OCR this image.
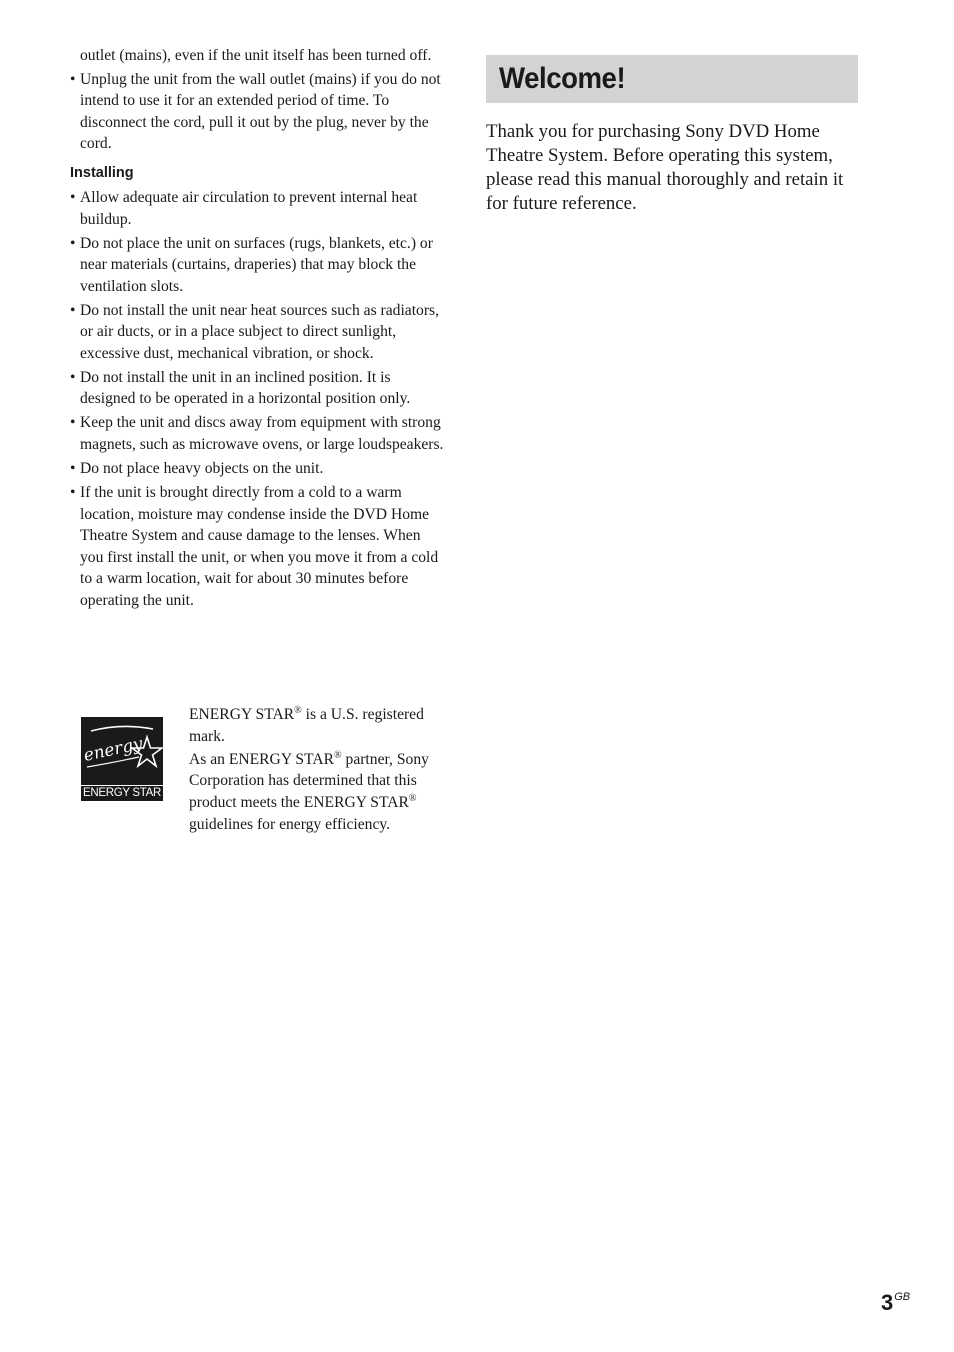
outlet (mains), even if the unit itself has been turned off.

• Unplug the unit from the wall outlet (mains) if you do not intend to use it for an extended period of time. To disconnect the cord, pull it out by the plug, never by the cord.
Installing
• Allow adequate air circulation to prevent internal heat buildup.
• Do not place the unit on surfaces (rugs, blankets, etc.) or near materials (curtains, draperies) that may block the ventilation slots.
• Do not install the unit near heat sources such as radiators, or air ducts, or in a place subject to direct sunlight, excessive dust, mechanical vibration, or shock.
• Do not install the unit in an inclined position. It is designed to be operated in a horizontal position only.
• Keep the unit and discs away from equipment with strong magnets, such as microwave ovens, or large loudspeakers.
• Do not place heavy objects on the unit.
• If the unit is brought directly from a cold to a warm location, moisture may condense inside the DVD Home Theatre System and cause damage to the lenses. When you first install the unit, or when you move it from a cold to a warm location, wait for about 30 minutes before operating the unit.
energy
ENERGY STAR

ENERGY STAR® is a U.S. registered mark.

As an ENERGY STAR® partner, Sony Corporation has determined that this product meets the ENERGY STAR® guidelines for energy efficiency.

Welcome!

Thank you for purchasing Sony DVD Home Theatre System. Before operating this system, please read this manual thoroughly and retain it for future reference.

$3^{GB}$
